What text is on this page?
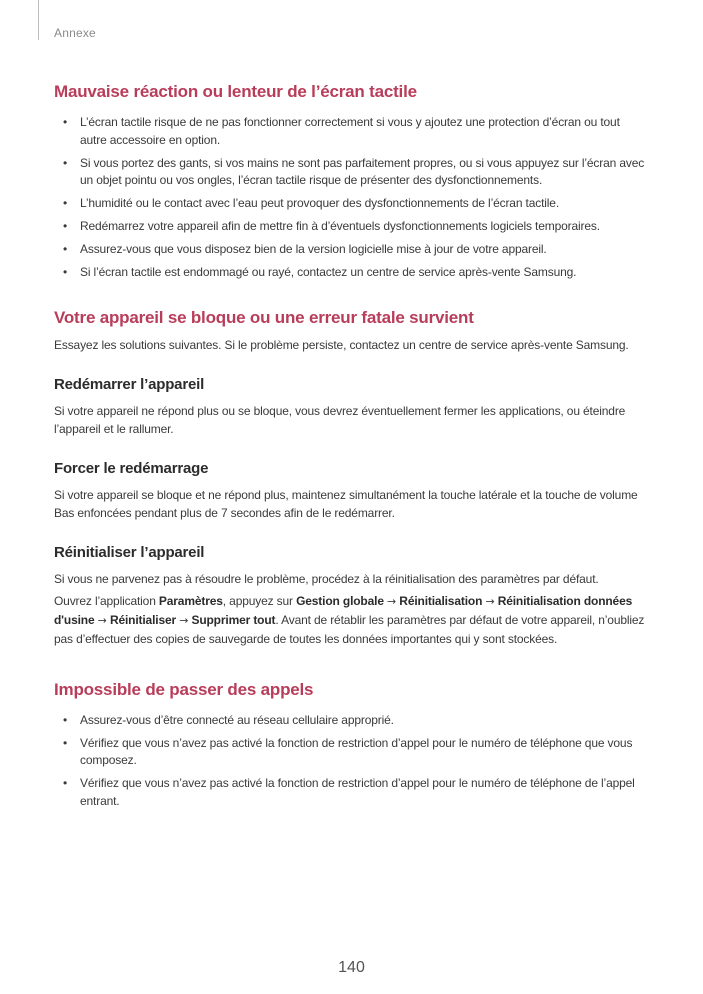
Annexe
Mauvaise réaction ou lenteur de l’écran tactile
• L’écran tactile risque de ne pas fonctionner correctement si vous y ajoutez une protection d’écran ou tout autre accessoire en option.
• Si vous portez des gants, si vos mains ne sont pas parfaitement propres, ou si vous appuyez sur l’écran avec un objet pointu ou vos ongles, l’écran tactile risque de présenter des dysfonctionnements.
• L’humidité ou le contact avec l’eau peut provoquer des dysfonctionnements de l’écran tactile.
• Redémarrez votre appareil afin de mettre fin à d’éventuels dysfonctionnements logiciels temporaires.
• Assurez-vous que vous disposez bien de la version logicielle mise à jour de votre appareil.
• Si l’écran tactile est endommagé ou rayé, contactez un centre de service après-vente Samsung.
Votre appareil se bloque ou une erreur fatale survient

Essayez les solutions suivantes. Si le problème persiste, contactez un centre de service après-vente Samsung.

Redémarrer l’appareil

Si votre appareil ne répond plus ou se bloque, vous devrez éventuellement fermer les applications, ou éteindre l’appareil et le rallumer.

Forcer le redémarrage

Si votre appareil se bloque et ne répond plus, maintenez simultanément la touche latérale et la touche de volume Bas enfoncées pendant plus de 7 secondes afin de le redémarrer.

Réinitialiser l’appareil

Si vous ne parvenez pas à résoudre le problème, procédez à la réinitialisation des paramètres par défaut.

Ouvrez l’application Paramètres, appuyez sur Gestion globale → Réinitialisation → Réinitialisation données d'usine → Réinitialiser → Supprimer tout. Avant de rétablir les paramètres par défaut de votre appareil, n’oubliez pas d’effectuer des copies de sauvegarde de toutes les données importantes qui y sont stockées.

Impossible de passer des appels
• Assurez-vous d’être connecté au réseau cellulaire approprié.
• Vérifiez que vous n’avez pas activé la fonction de restriction d’appel pour le numéro de téléphone que vous composez.
• Vérifiez que vous n’avez pas activé la fonction de restriction d’appel pour le numéro de téléphone de l’appel entrant.
140
